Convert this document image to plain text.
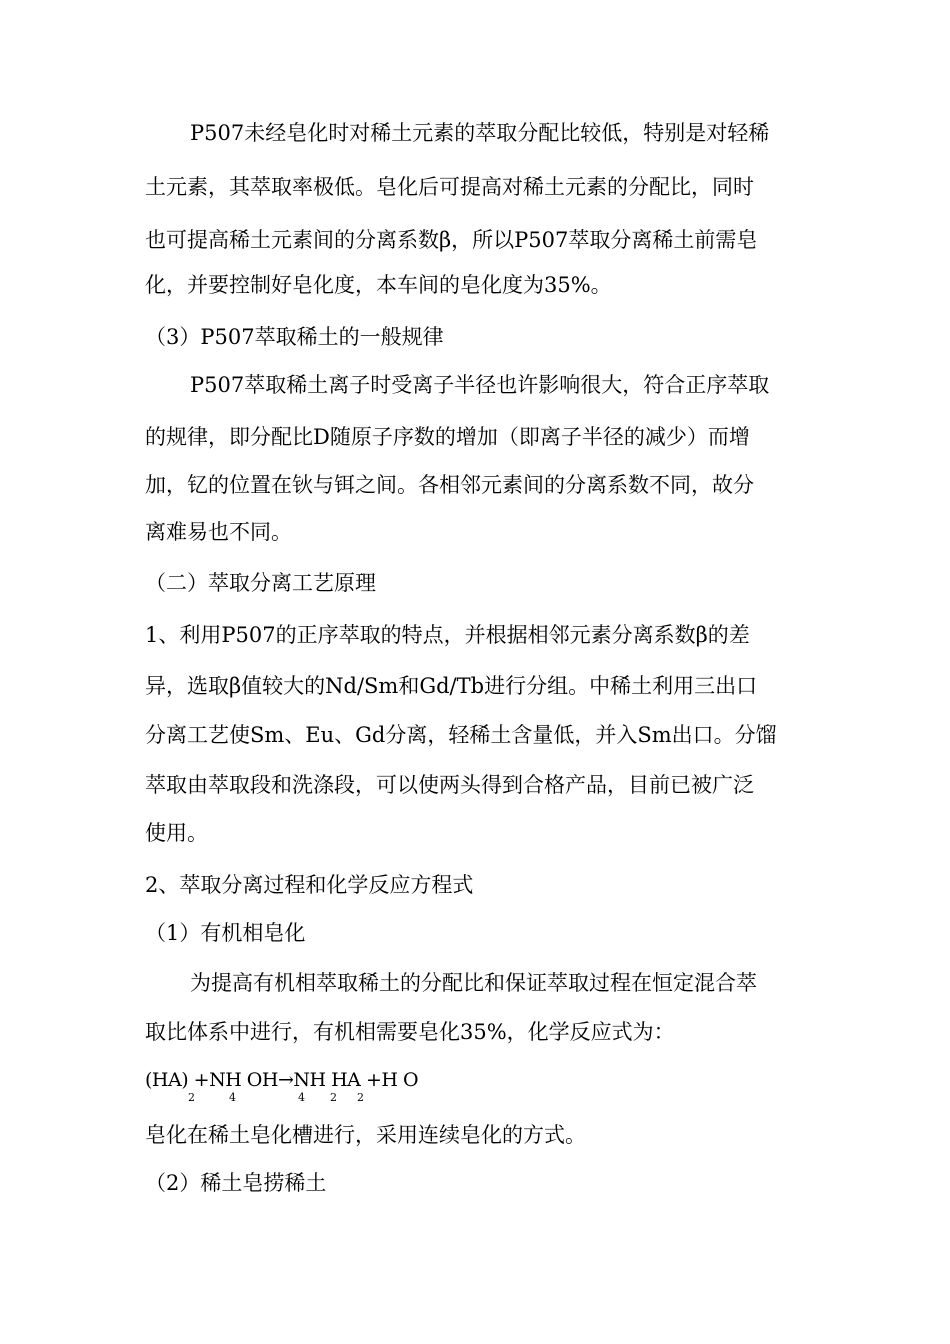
P507未经皂化时对稀土元素的萃取分配比较低，特别是对轻稀
土元素，其萃取率极低。皂化后可提高对稀土元素的分配比，同时
也可提高稀土元素间的分离系数β，所以P507萃取分离稀土前需皂
化，并要控制好皂化度，本车间的皂化度为35%。
（3）P507萃取稀土的一般规律
P507萃取稀土离子时受离子半径也许影响很大，符合正序萃取
的规律，即分配比D随原子序数的增加（即离子半径的减少）而增
加，钇的位置在钬与铒之间。各相邻元素间的分离系数不同，故分
离难易也不同。
（二）萃取分离工艺原理
1、利用P507的正序萃取的特点，并根据相邻元素分离系数β的差
异，选取β值较大的Nd/Sm和Gd/Tb进行分组。中稀土利用三出口
分离工艺使Sm、Eu、Gd分离，轻稀土含量低，并入Sm出口。分馏
萃取由萃取段和洗涤段，可以使两头得到合格产品，目前已被广泛
使用。
2、萃取分离过程和化学反应方程式
（1）有机相皂化
为提高有机相萃取稀土的分配比和保证萃取过程在恒定混合萃
取比体系中进行，有机相需要皂化35%，化学反应式为：
(HA) +NH OH→NH HA +H O
2	4	4 2 2
皂化在稀土皂化槽进行，采用连续皂化的方式。
（2）稀土皂捞稀土
